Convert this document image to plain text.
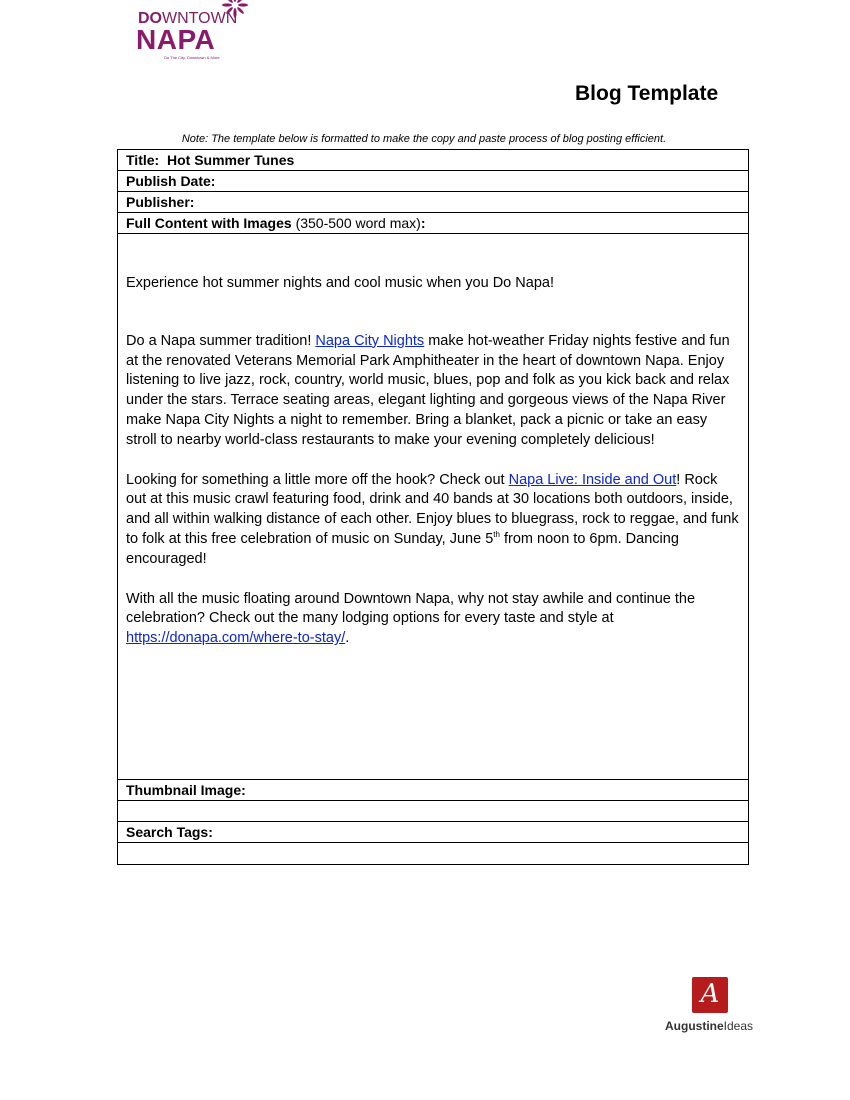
DOWNTOWN
NAPA
Do The City, Downtown & More
Blog Template
Note: The template below is formatted to make the copy and paste process of blog posting efficient.
Title: Hot Summer Tunes
Publish Date:
Publisher:
Full Content with Images (350-500 word max):

Experience hot summer nights and cool music when you Do Napa!

Do a Napa summer tradition! Napa City Nights make hot-weather Friday nights festive and fun at the renovated Veterans Memorial Park Amphitheater in the heart of downtown Napa. Enjoy listening to live jazz, rock, country, world music, blues, pop and folk as you kick back and relax under the stars. Terrace seating areas, elegant lighting and gorgeous views of the Napa River make Napa City Nights a night to remember. Bring a blanket, pack a picnic or take an easy stroll to nearby world-class restaurants to make your evening completely delicious!

Looking for something a little more off the hook? Check out Napa Live: Inside and Out! Rock out at this music crawl featuring food, drink and 40 bands at 30 locations both outdoors, inside, and all within walking distance of each other. Enjoy blues to bluegrass, rock to reggae, and funk to folk at this free celebration of music on Sunday, June 5th from noon to 6pm. Dancing encouraged!

With all the music floating around Downtown Napa, why not stay awhile and continue the celebration? Check out the many lodging options for every taste and style at https://donapa.com/where-to-stay/.

Thumbnail Image:
Search Tags:
A
AugustineIdeas
